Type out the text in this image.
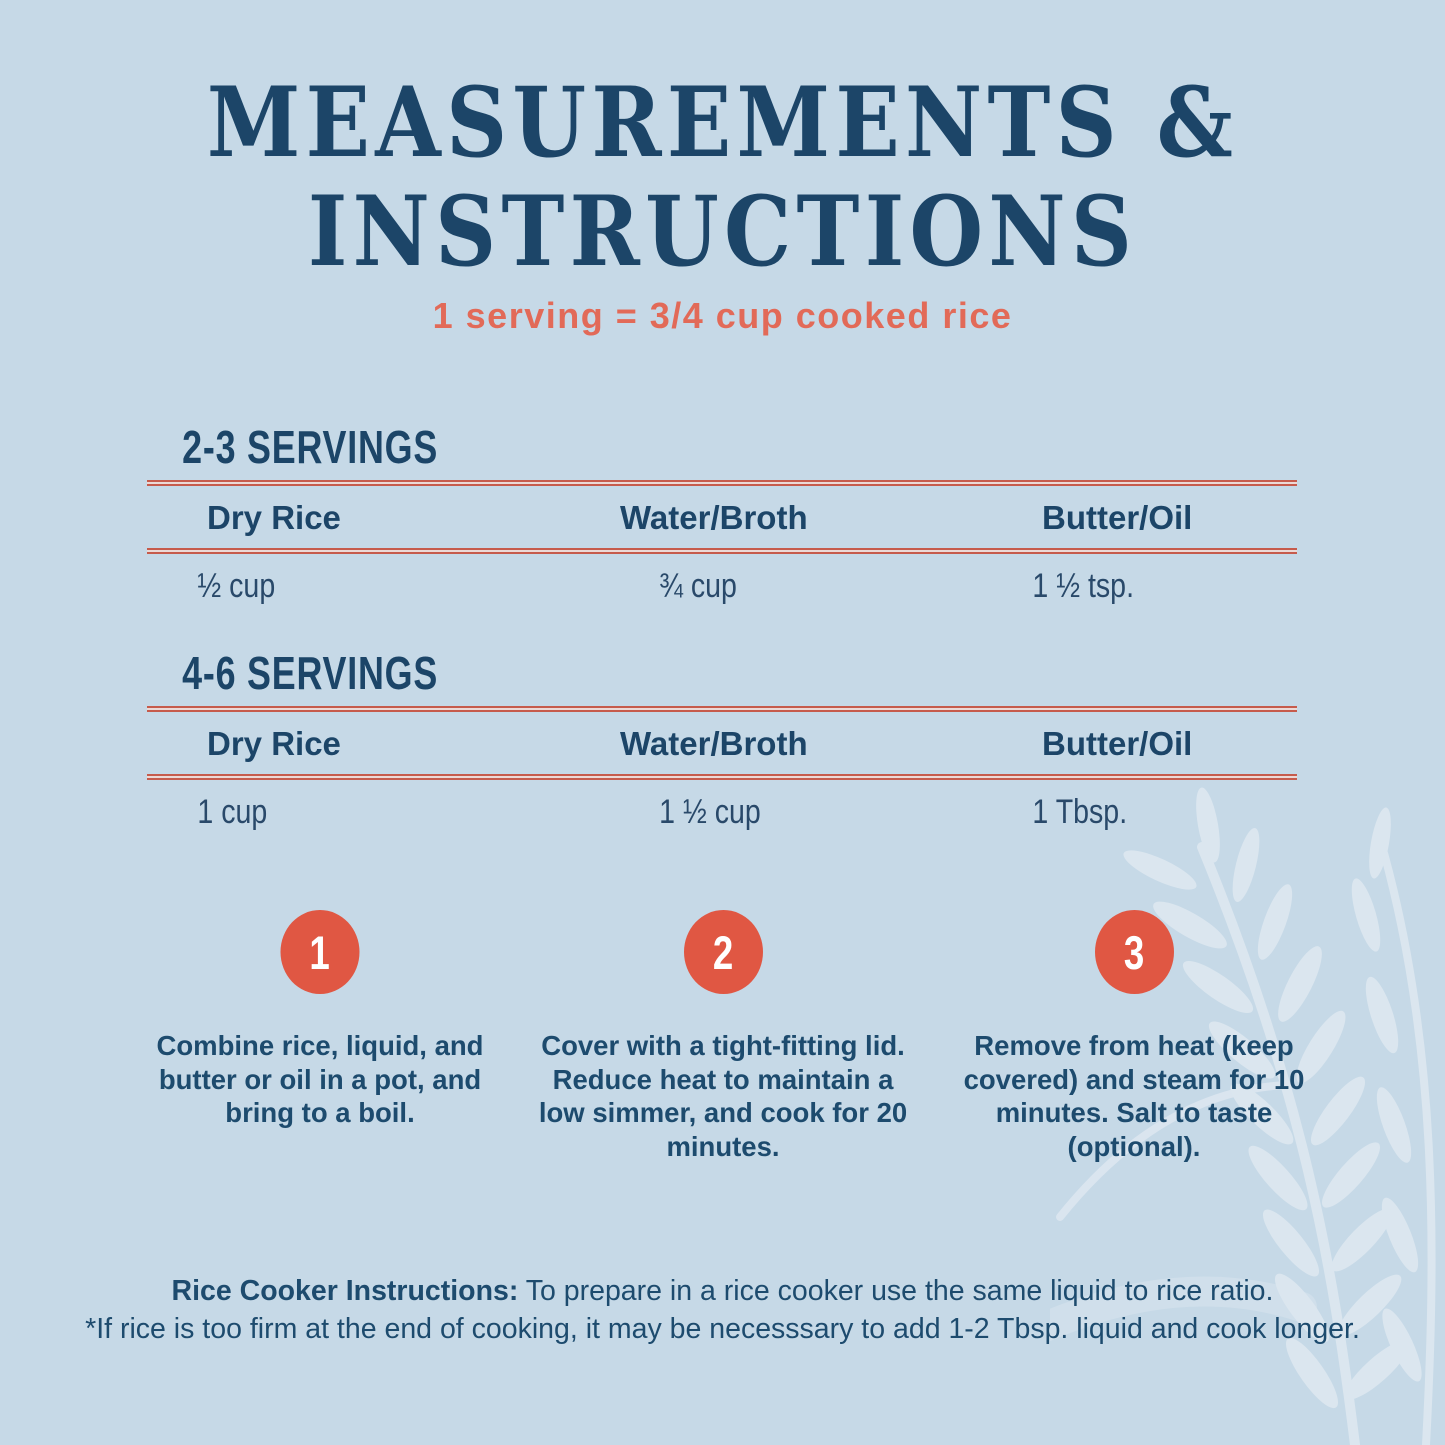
MEASUREMENTS &
INSTRUCTIONS
1 serving = 3/4 cup cooked rice
2-3 SERVINGS
Dry Rice	Water/Broth	Butter/Oil
½ cup	¾ cup	1 ½ tsp.
4-6 SERVINGS
Dry Rice	Water/Broth	Butter/Oil
1 cup	1 ½ cup	1 Tbsp.
1
Combine rice, liquid, and butter or oil in a pot, and bring to a boil.
2
Cover with a tight-fitting lid. Reduce heat to maintain a low simmer, and cook for 20 minutes.
3
Remove from heat (keep covered) and steam for 10 minutes. Salt to taste (optional).
Rice Cooker Instructions: To prepare in a rice cooker use the same liquid to rice ratio.
*If rice is too firm at the end of cooking, it may be necesssary to add 1-2 Tbsp. liquid and cook longer.
